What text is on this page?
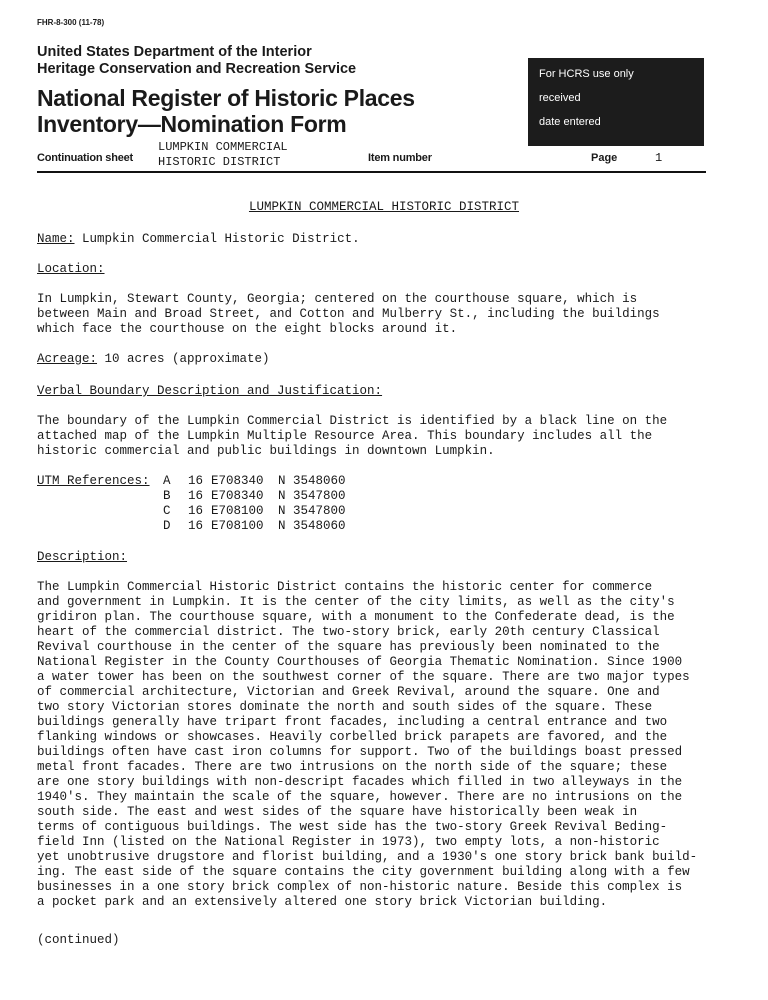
FHR-8-300 (11-78)
United States Department of the Interior
Heritage Conservation and Recreation Service
National Register of Historic Places
Inventory—Nomination Form
For HCRS use only
received
date entered
Continuation sheet
LUMPKIN COMMERCIAL
HISTORIC DISTRICT	Item number	Page	1
LUMPKIN COMMERCIAL HISTORIC DISTRICT
Name: Lumpkin Commercial Historic District.
Location:
In Lumpkin, Stewart County, Georgia; centered on the courthouse square, which is
between Main and Broad Street, and Cotton and Mulberry St., including the buildings
which face the courthouse on the eight blocks around it.
Acreage: 10 acres (approximate)
Verbal Boundary Description and Justification:
The boundary of the Lumpkin Commercial District is identified by a black line on the
attached map of the Lumpkin Multiple Resource Area. This boundary includes all the
historic commercial and public buildings in downtown Lumpkin.
UTM References: A 16 E708340 N 3548060
B 16 E708340 N 3547800
C 16 E708100 N 3547800
D 16 E708100 N 3548060
Description:
The Lumpkin Commercial Historic District contains the historic center for commerce
and government in Lumpkin. It is the center of the city limits, as well as the city's
gridiron plan. The courthouse square, with a monument to the Confederate dead, is the
heart of the commercial district. The two-story brick, early 20th century Classical
Revival courthouse in the center of the square has previously been nominated to the
National Register in the County Courthouses of Georgia Thematic Nomination. Since 1900
a water tower has been on the southwest corner of the square. There are two major types
of commercial architecture, Victorian and Greek Revival, around the square. One and
two story Victorian stores dominate the north and south sides of the square. These
buildings generally have tripart front facades, including a central entrance and two
flanking windows or showcases. Heavily corbelled brick parapets are favored, and the
buildings often have cast iron columns for support. Two of the buildings boast pressed
metal front facades. There are two intrusions on the north side of the square; these
are one story buildings with non-descript facades which filled in two alleyways in the
1940's. They maintain the scale of the square, however. There are no intrusions on the
south side. The east and west sides of the square have historically been weak in
terms of contiguous buildings. The west side has the two-story Greek Revival Beding-
field Inn (listed on the National Register in 1973), two empty lots, a non-historic
yet unobtrusive drugstore and florist building, and a 1930's one story brick bank build-
ing. The east side of the square contains the city government building along with a few
businesses in a one story brick complex of non-historic nature. Beside this complex is
a pocket park and an extensively altered one story brick Victorian building.
(continued)
